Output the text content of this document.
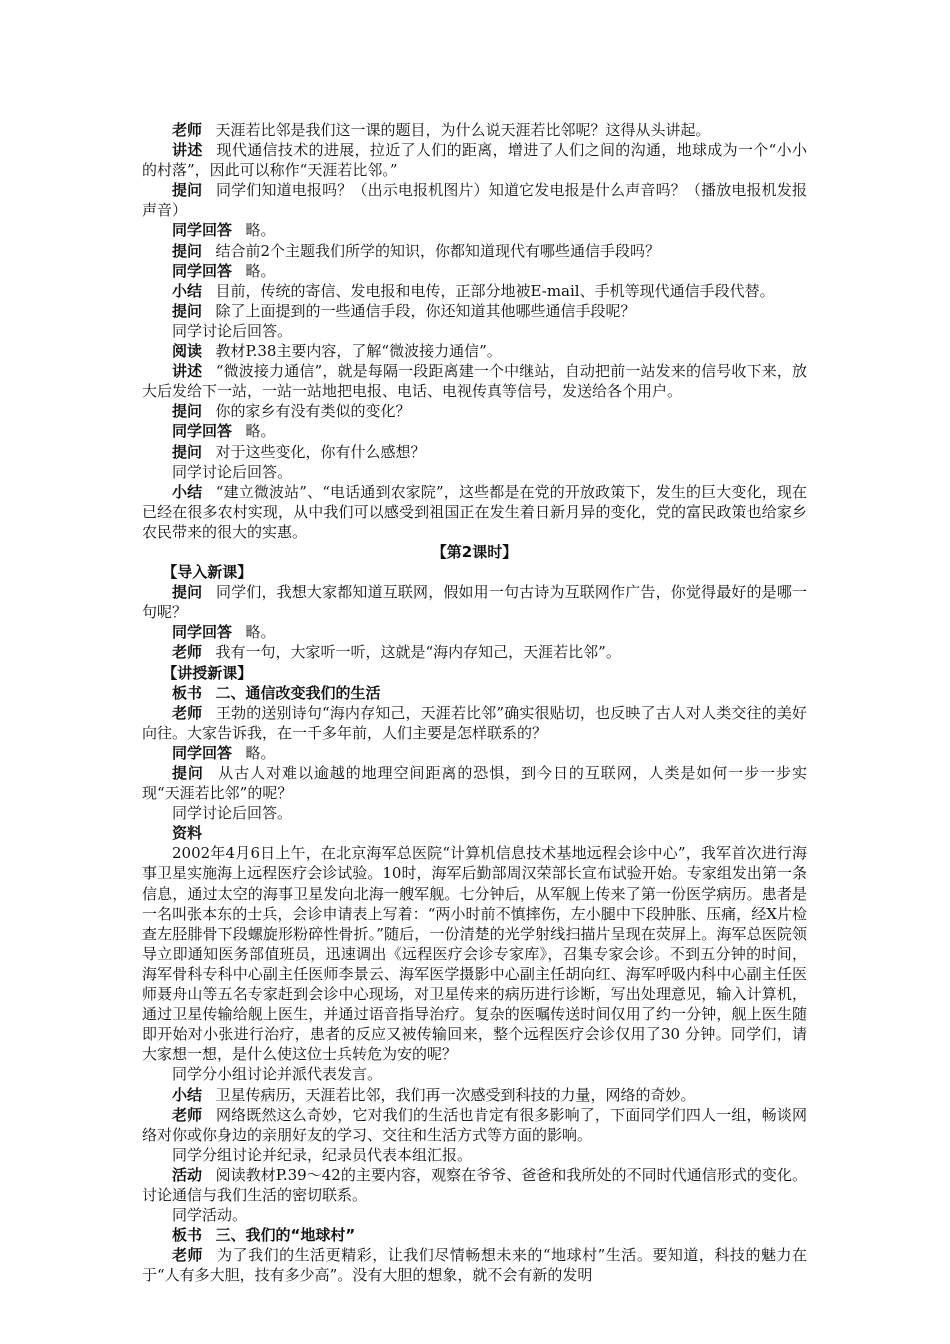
老师 天涯若比邻是我们这一课的题目，为什么说天涯若比邻呢？这得从头讲起。

讲述 现代通信技术的进展，拉近了人们的距离，增进了人们之间的沟通，地球成为一个“小小的村落”，因此可以称作“天涯若比邻。”

提问 同学们知道电报吗？（出示电报机图片）知道它发电报是什么声音吗？（播放电报机发报声音）

同学回答 略。

提问 结合前2个主题我们所学的知识，你都知道现代有哪些通信手段吗？

同学回答 略。

小结 目前，传统的寄信、发电报和电传，正部分地被E-mail、手机等现代通信手段代替。

提问 除了上面提到的一些通信手段，你还知道其他哪些通信手段呢？

同学讨论后回答。

阅读 教材P.38主要内容，了解“微波接力通信”。

讲述 “微波接力通信”，就是每隔一段距离建一个中继站，自动把前一站发来的信号收下来，放大后发给下一站，一站一站地把电报、电话、电视传真等信号，发送给各个用户。

提问 你的家乡有没有类似的变化？

同学回答 略。

提问 对于这些变化，你有什么感想？

同学讨论后回答。

小结 “建立微波站”、“电话通到农家院”，这些都是在党的开放政策下，发生的巨大变化，现在已经在很多农村实现，从中我们可以感受到祖国正在发生着日新月异的变化，党的富民政策也给家乡农民带来的很大的实惠。

【第2课时】
【导入新课】

提问 同学们，我想大家都知道互联网，假如用一句古诗为互联网作广告，你觉得最好的是哪一句呢？

同学回答 略。

老师 我有一句，大家听一听，这就是“海内存知己，天涯若比邻”。

【讲授新课】

板书 二、通信改变我们的生活

老师 王勃的送别诗句“海内存知己，天涯若比邻”确实很贴切，也反映了古人对人类交往的美好向往。大家告诉我，在一千多年前，人们主要是怎样联系的？

同学回答 略。

提问 从古人对难以逾越的地理空间距离的恐惧，到今日的互联网，人类是如何一步一步实现“天涯若比邻”的呢？

同学讨论后回答。

资料

2002年4月6日上午，在北京海军总医院“计算机信息技术基地远程会诊中心”，我军首次进行海事卫星实施海上远程医疗会诊试验。10时，海军后勤部周汉荣部长宣布试验开始。专家组发出第一条信息，通过太空的海事卫星发向北海一艘军舰。七分钟后，从军舰上传来了第一份医学病历。患者是一名叫张本东的士兵，会诊申请表上写着：“两小时前不慎摔伤，左小腿中下段肿胀、压痛，经X片检查左胫腓骨下段螺旋形粉碎性骨折。”随后，一份清楚的光学射线扫描片呈现在荧屏上。海军总医院领导立即通知医务部值班员，迅速调出《远程医疗会诊专家库》，召集专家会诊。不到五分钟的时间，海军骨科专科中心副主任医师李景云、海军医学摄影中心副主任胡向红、海军呼吸内科中心副主任医师聂舟山等五名专家赶到会诊中心现场，对卫星传来的病历进行诊断，写出处理意见，输入计算机，通过卫星传输给舰上医生，并通过语音指导治疗。复杂的医嘱传送时间仅用了约一分钟，舰上医生随即开始对小张进行治疗，患者的反应又被传输回来，整个远程医疗会诊仅用了30 分钟。同学们，请大家想一想，是什么使这位士兵转危为安的呢？

同学分小组讨论并派代表发言。

小结 卫星传病历，天涯若比邻，我们再一次感受到科技的力量，网络的奇妙。

老师 网络既然这么奇妙，它对我们的生活也肯定有很多影响了，下面同学们四人一组，畅谈网络对你或你身边的亲朋好友的学习、交往和生活方式等方面的影响。

同学分组讨论并纪录，纪录员代表本组汇报。

活动 阅读教材P.39～42的主要内容，观察在爷爷、爸爸和我所处的不同时代通信形式的变化。讨论通信与我们生活的密切联系。

同学活动。

板书 三、我们的“地球村”

老师 为了我们的生活更精彩，让我们尽情畅想未来的“地球村”生活。要知道，科技的魅力在于“人有多大胆，技有多少高”。没有大胆的想象，就不会有新的发明
